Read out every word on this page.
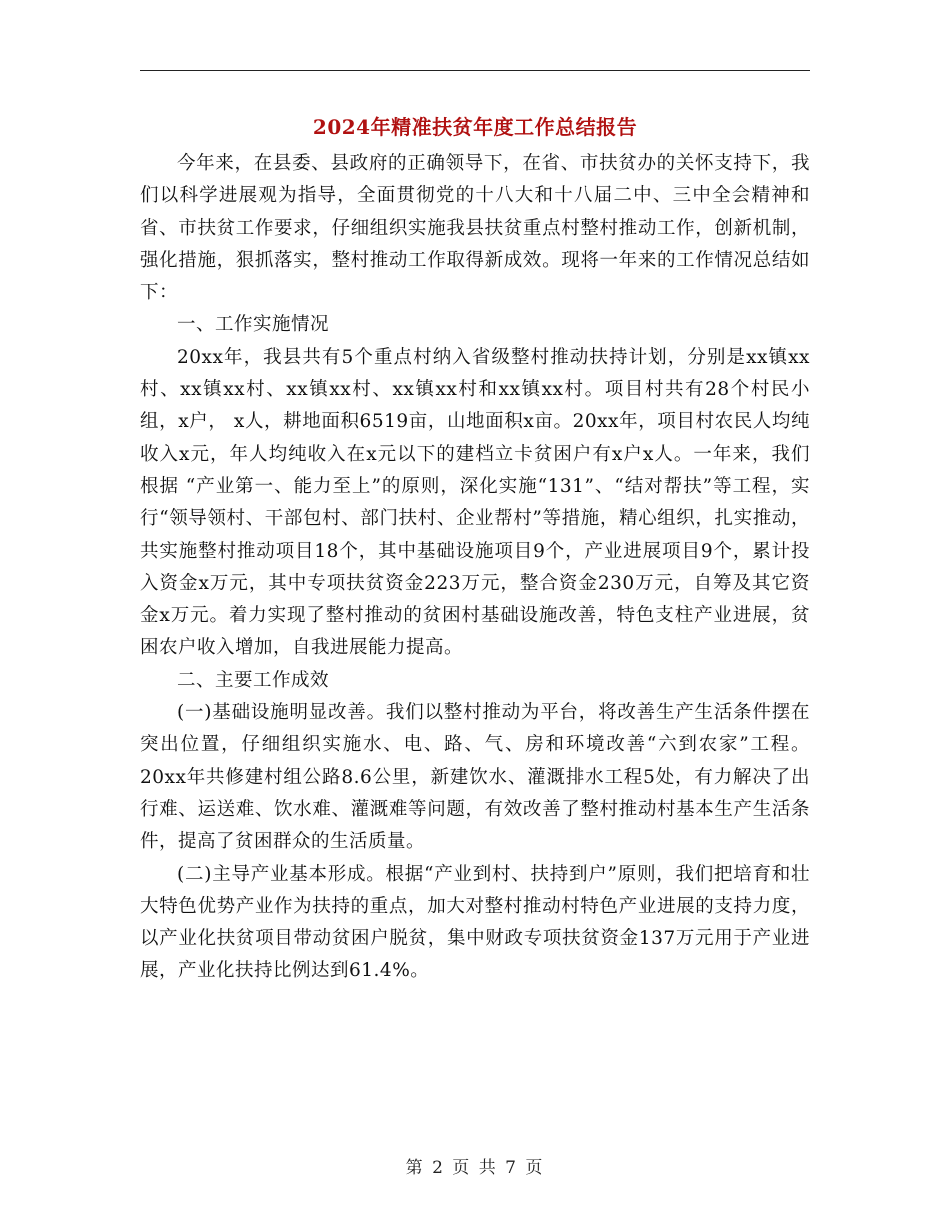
2024年精准扶贫年度工作总结报告

今年来，在县委、县政府的正确领导下，在省、市扶贫办的关怀支持下，我们以科学进展观为指导，全面贯彻党的十八大和十八届二中、三中全会精神和省、市扶贫工作要求，仔细组织实施我县扶贫重点村整村推动工作，创新机制，强化措施，狠抓落实，整村推动工作取得新成效。现将一年来的工作情况总结如下：

一、工作实施情况

20xx年，我县共有5个重点村纳入省级整村推动扶持计划，分别是xx镇xx村、xx镇xx村、xx镇xx村、xx镇xx村和xx镇xx村。项目村共有28个村民小组，x户， x人，耕地面积6519亩，山地面积x亩。20xx年，项目村农民人均纯收入x元，年人均纯收入在x元以下的建档立卡贫困户有x户x人。一年来，我们根据 “产业第一、能力至上”的原则，深化实施“131”、“结对帮扶”等工程，实行“领导领村、干部包村、部门扶村、企业帮村”等措施，精心组织，扎实推动，共实施整村推动项目18个，其中基础设施项目9个，产业进展项目9个，累计投入资金x万元，其中专项扶贫资金223万元，整合资金230万元，自筹及其它资金x万元。着力实现了整村推动的贫困村基础设施改善，特色支柱产业进展，贫困农户收入增加，自我进展能力提高。

二、主要工作成效

(一)基础设施明显改善。我们以整村推动为平台，将改善生产生活条件摆在突出位置，仔细组织实施水、电、路、气、房和环境改善“六到农家”工程。20xx年共修建村组公路8.6公里，新建饮水、灌溉排水工程5处，有力解决了出行难、运送难、饮水难、灌溉难等问题，有效改善了整村推动村基本生产生活条件，提高了贫困群众的生活质量。

(二)主导产业基本形成。根据“产业到村、扶持到户”原则，我们把培育和壮大特色优势产业作为扶持的重点，加大对整村推动村特色产业进展的支持力度，以产业化扶贫项目带动贫困户脱贫，集中财政专项扶贫资金137万元用于产业进展，产业化扶持比例达到61.4%。

第 2 页 共 7 页
